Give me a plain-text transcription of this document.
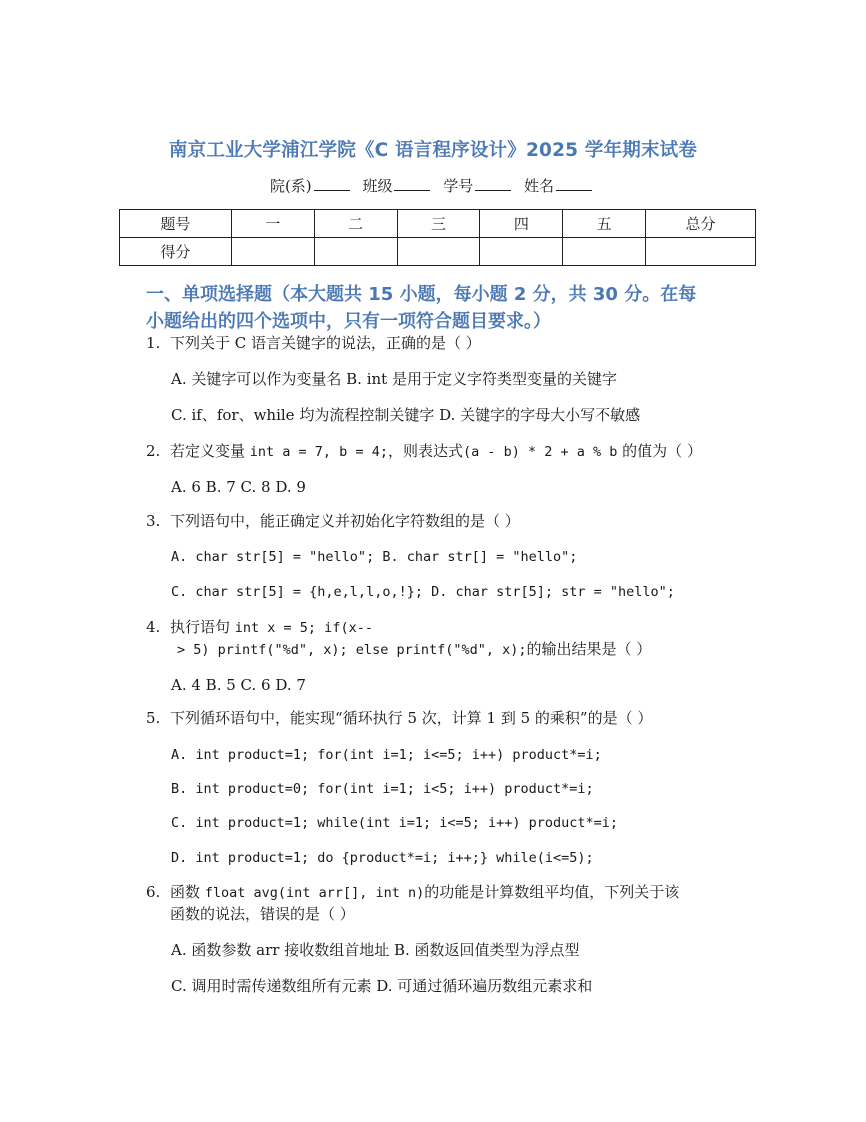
南京工业大学浦江学院《C 语言程序设计》2025 学年期末试卷
院(系)	班级	学号	姓名
题号	一	二	三	四	五	总分
得分						
一、单项选择题（本大题共 15 小题，每小题 2 分，共 30 分。在每
小题给出的四个选项中，只有一项符合题目要求。）
1. 下列关于 C 语言关键字的说法，正确的是（ ）
A. 关键字可以作为变量名 B. int 是用于定义字符类型变量的关键字
C. if、for、while 均为流程控制关键字 D. 关键字的字母大小写不敏感
2. 若定义变量 int a = 7, b = 4;，则表达式(a - b) * 2 + a % b 的值为（ ）
A. 6 B. 7 C. 8 D. 9
3. 下列语句中，能正确定义并初始化字符数组的是（ ）
A. char str[5] = "hello"; B. char str[] = "hello";
C. char str[5] = {h,e,l,l,o,!}; D. char str[5]; str = "hello";
4. 执行语句 int x = 5; if(x--
> 5) printf("%d", x); else printf("%d", x);的输出结果是（ ）
A. 4 B. 5 C. 6 D. 7
5. 下列循环语句中，能实现“循环执行 5 次，计算 1 到 5 的乘积”的是（ ）
A. int product=1; for(int i=1; i<=5; i++) product*=i;
B. int product=0; for(int i=1; i<5; i++) product*=i;
C. int product=1; while(int i=1; i<=5; i++) product*=i;
D. int product=1; do {product*=i; i++;} while(i<=5);
6. 函数 float avg(int arr[], int n)的功能是计算数组平均值，下列关于该
函数的说法，错误的是（ ）
A. 函数参数 arr 接收数组首地址 B. 函数返回值类型为浮点型
C. 调用时需传递数组所有元素 D. 可通过循环遍历数组元素求和
